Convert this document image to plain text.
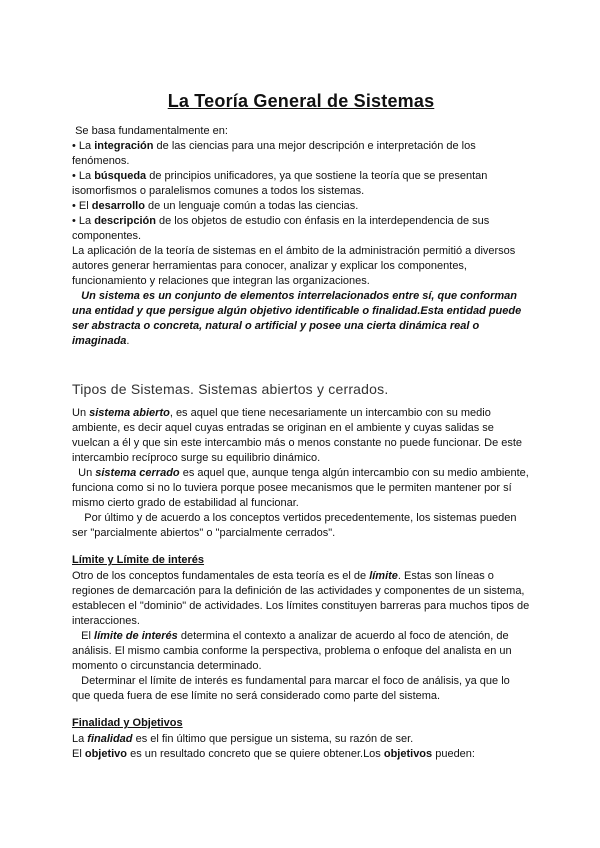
La Teoría General de Sistemas

Se basa fundamentalmente en:

• La integración de las ciencias para una mejor descripción e interpretación de los fenómenos.

• La búsqueda de principios unificadores, ya que sostiene la teoría que se presentan isomorfismos o paralelismos comunes a todos los sistemas.

• El desarrollo de un lenguaje común a todas las ciencias.

• La descripción de los objetos de estudio con énfasis en la interdependencia de sus componentes.

La aplicación de la teoría de sistemas en el ámbito de la administración permitió a diversos autores generar herramientas para conocer, analizar y explicar los componentes, funcionamiento y relaciones que integran las organizaciones.

Un sistema es un conjunto de elementos interrelacionados entre sí, que conforman una entidad y que persigue algún objetivo identificable o finalidad.Esta entidad puede ser abstracta o concreta, natural o artificial y posee una cierta dinámica real o imaginada.

Tipos de Sistemas. Sistemas abiertos y cerrados.

Un sistema abierto, es aquel que tiene necesariamente un intercambio con su medio ambiente, es decir aquel cuyas entradas se originan en el ambiente y cuyas salidas se vuelcan a él y que sin este intercambio más o menos constante no puede funcionar. De este intercambio recíproco surge su equilibrio dinámico.

Un sistema cerrado es aquel que, aunque tenga algún intercambio con su medio ambiente, funciona como si no lo tuviera porque posee mecanismos que le permiten mantener por sí mismo cierto grado de estabilidad al funcionar.

Por último y de acuerdo a los conceptos vertidos precedentemente, los sistemas pueden ser "parcialmente abiertos" o "parcialmente cerrados".

Límite y Límite de interés

Otro de los conceptos fundamentales de esta teoría es el de límite. Estas son líneas o regiones de demarcación para la definición de las actividades y componentes de un sistema, establecen el "dominio" de actividades. Los límites constituyen barreras para muchos tipos de interacciones.

El límite de interés determina el contexto a analizar de acuerdo al foco de atención, de análisis. El mismo cambia conforme la perspectiva, problema o enfoque del analista en un momento o circunstancia determinado.

Determinar el límite de interés es fundamental para marcar el foco de análisis, ya que lo que queda fuera de ese límite no será considerado como parte del sistema.

Finalidad y Objetivos

La finalidad es el fin último que persigue un sistema, su razón de ser.

El objetivo es un resultado concreto que se quiere obtener.Los objetivos pueden:
